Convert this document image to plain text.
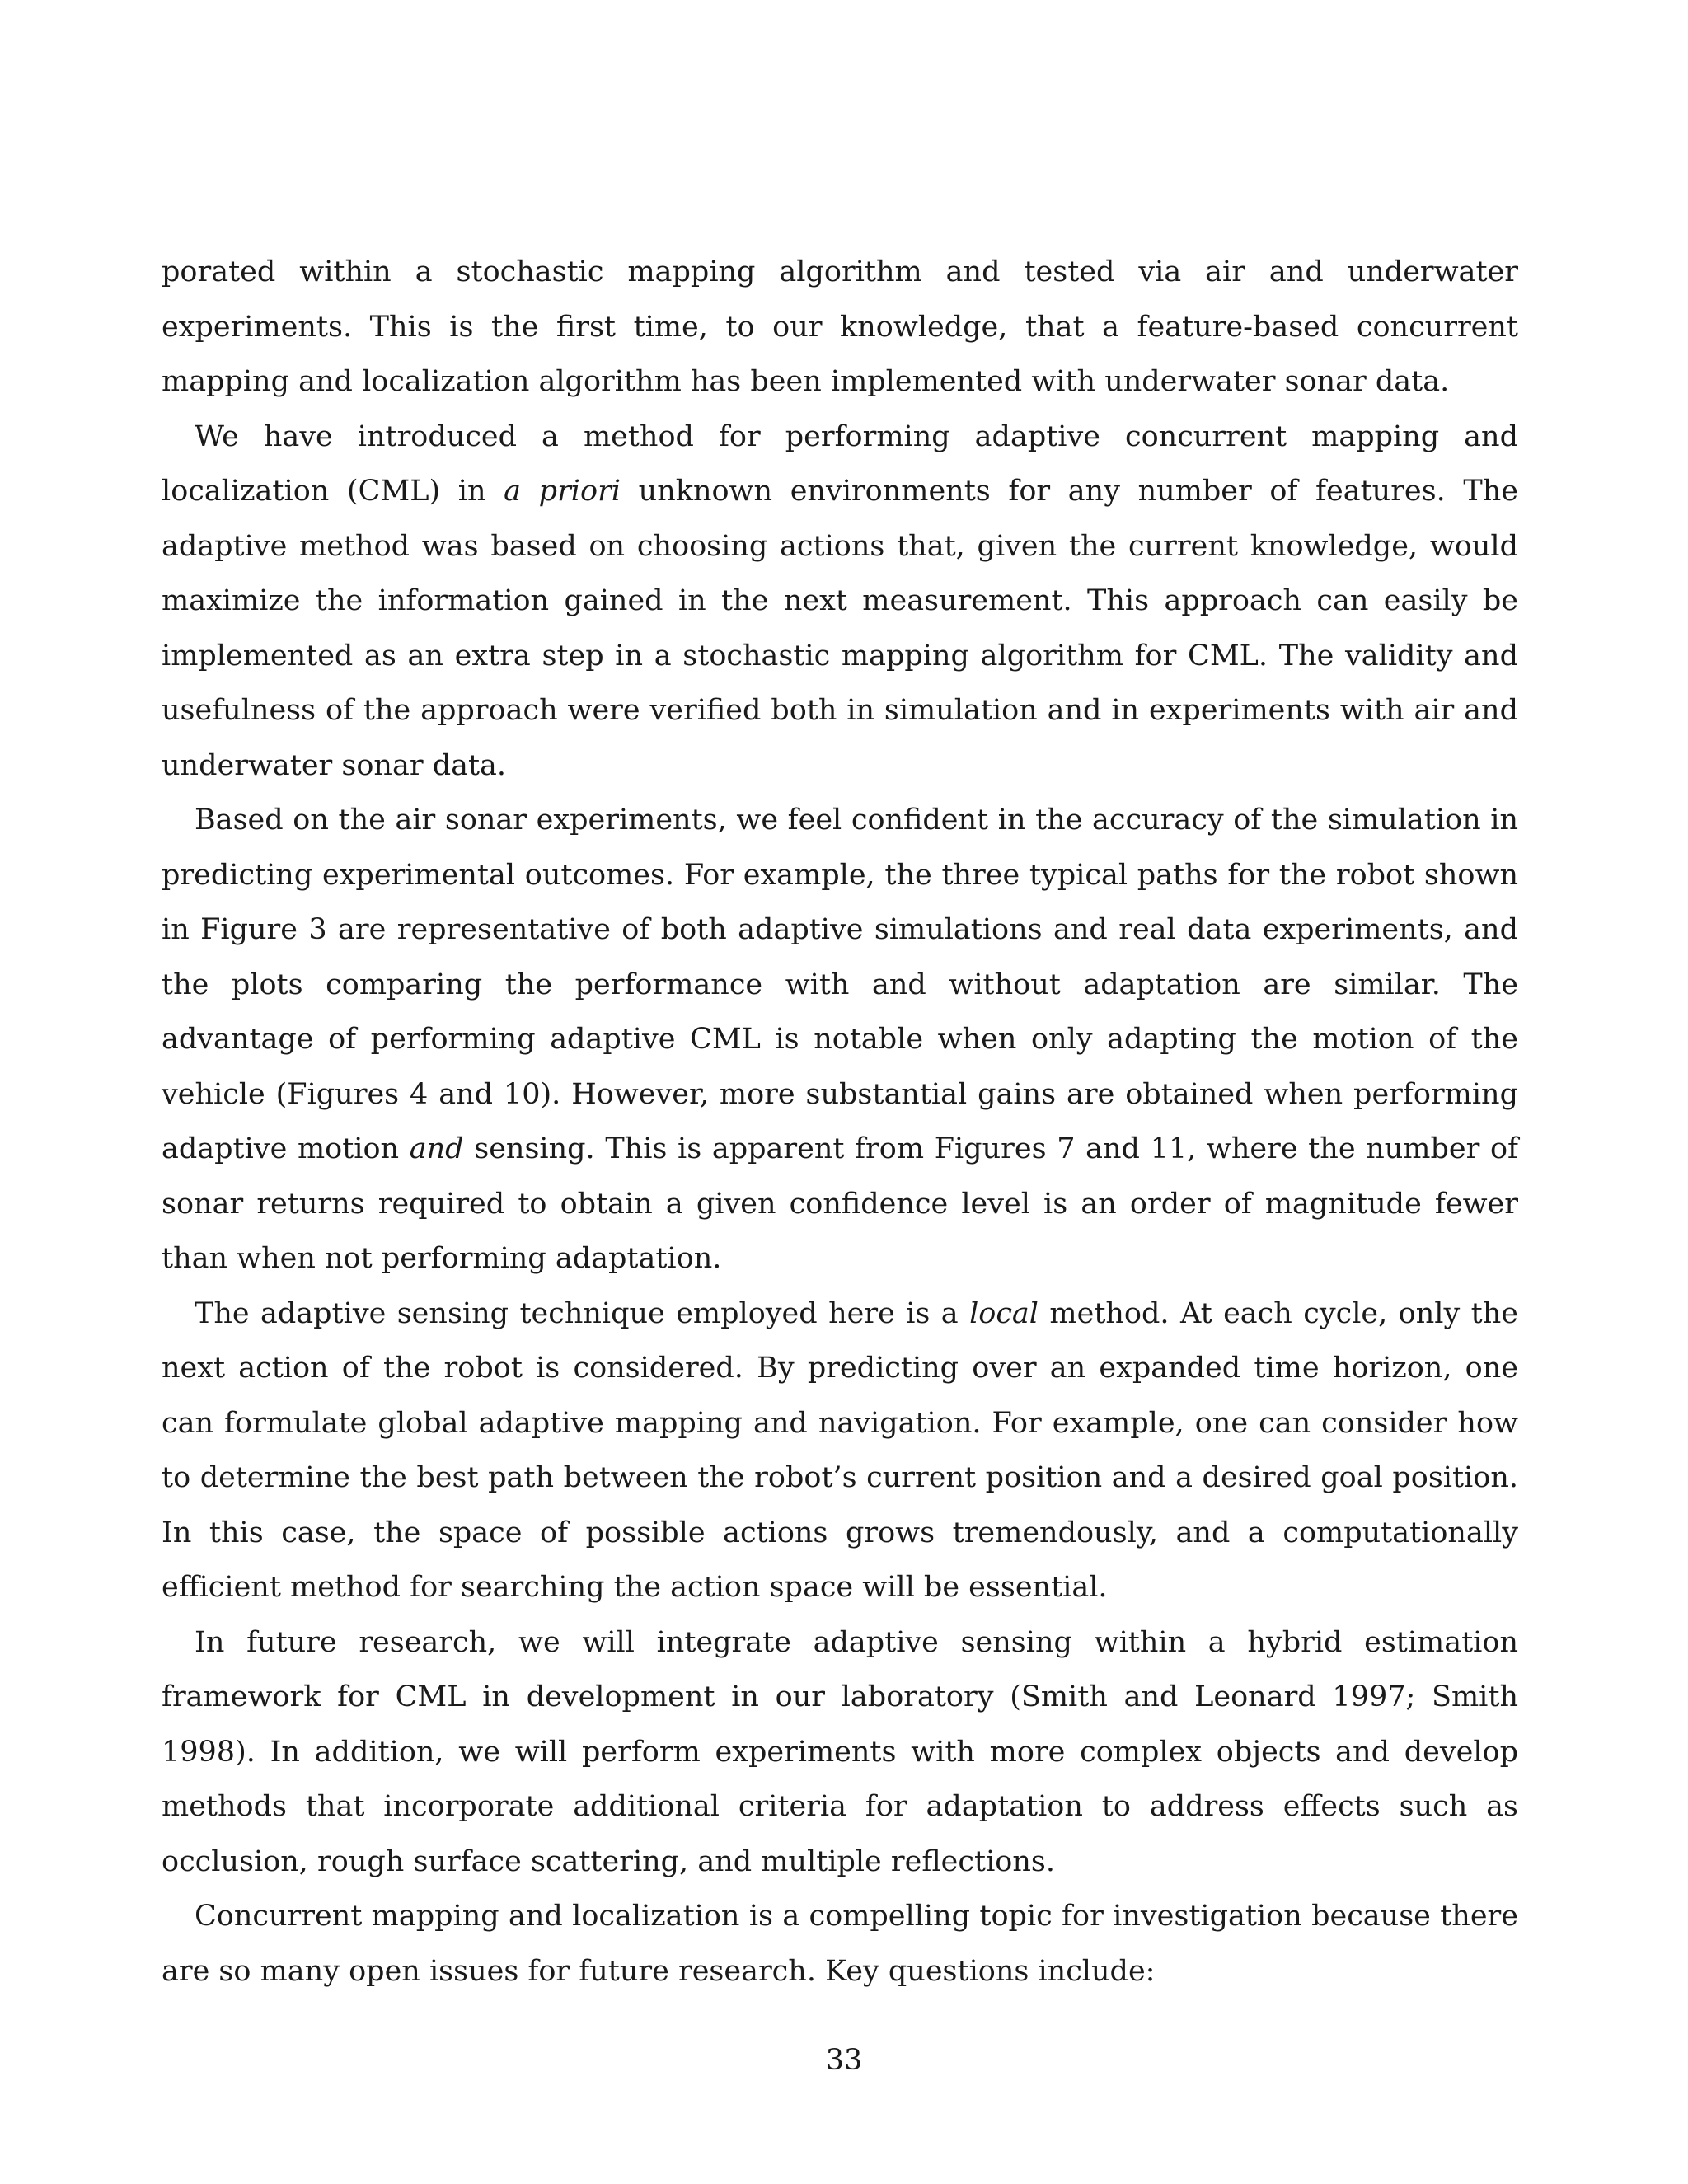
porated within a stochastic mapping algorithm and tested via air and underwater experiments. This is the first time, to our knowledge, that a feature-based concurrent mapping and localization algorithm has been implemented with underwater sonar data.

We have introduced a method for performing adaptive concurrent mapping and localization (CML) in a priori unknown environments for any number of features. The adaptive method was based on choosing actions that, given the current knowledge, would maximize the information gained in the next measurement. This approach can easily be implemented as an extra step in a stochastic mapping algorithm for CML. The validity and usefulness of the approach were verified both in simulation and in experiments with air and underwater sonar data.

Based on the air sonar experiments, we feel confident in the accuracy of the simulation in predicting experimental outcomes. For example, the three typical paths for the robot shown in Figure 3 are representative of both adaptive simulations and real data experiments, and the plots comparing the performance with and without adaptation are similar. The advantage of performing adaptive CML is notable when only adapting the motion of the vehicle (Figures 4 and 10). However, more substantial gains are obtained when performing adaptive motion and sensing. This is apparent from Figures 7 and 11, where the number of sonar returns required to obtain a given confidence level is an order of magnitude fewer than when not performing adaptation.

The adaptive sensing technique employed here is a local method. At each cycle, only the next action of the robot is considered. By predicting over an expanded time horizon, one can formulate global adaptive mapping and navigation. For example, one can consider how to determine the best path between the robot’s current position and a desired goal position. In this case, the space of possible actions grows tremendously, and a computationally efficient method for searching the action space will be essential.

In future research, we will integrate adaptive sensing within a hybrid estimation framework for CML in development in our laboratory (Smith and Leonard 1997; Smith 1998). In addition, we will perform experiments with more complex objects and develop methods that incorporate additional criteria for adaptation to address effects such as occlusion, rough surface scattering, and multiple reflections.

Concurrent mapping and localization is a compelling topic for investigation because there are so many open issues for future research. Key questions include:

33
